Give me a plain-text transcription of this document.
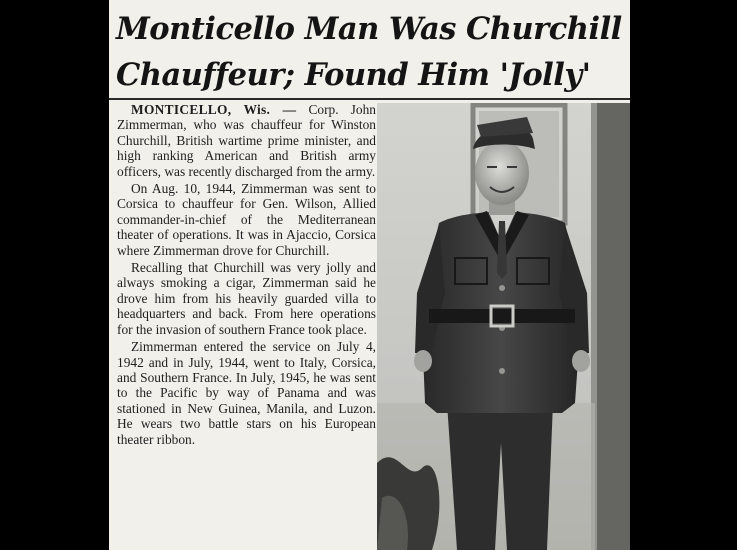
Monticello Man Was Churchill
Chauffeur; Found Him 'Jolly'

MONTICELLO, Wis. — Corp. John Zimmerman, who was chauffeur for Winston Churchill, British wartime prime minister, and high ranking American and British army officers, was recently discharged from the army.

On Aug. 10, 1944, Zimmerman was sent to Corsica to chauffeur for Gen. Wilson, Allied commander-in-chief of the Mediterranean theater of operations. It was in Ajaccio, Corsica where Zimmerman drove for Churchill.

Recalling that Churchill was very jolly and always smoking a cigar, Zimmerman said he drove him from his heavily guarded villa to headquarters and back. From here operations for the invasion of southern France took place.

Zimmerman entered the service on July 4, 1942 and in July, 1944, went to Italy, Corsica, and Southern France. In July, 1945, he was sent to the Pacific by way of Panama and was stationed in New Guinea, Manila, and Luzon. He wears two battle stars on his European theater ribbon.
